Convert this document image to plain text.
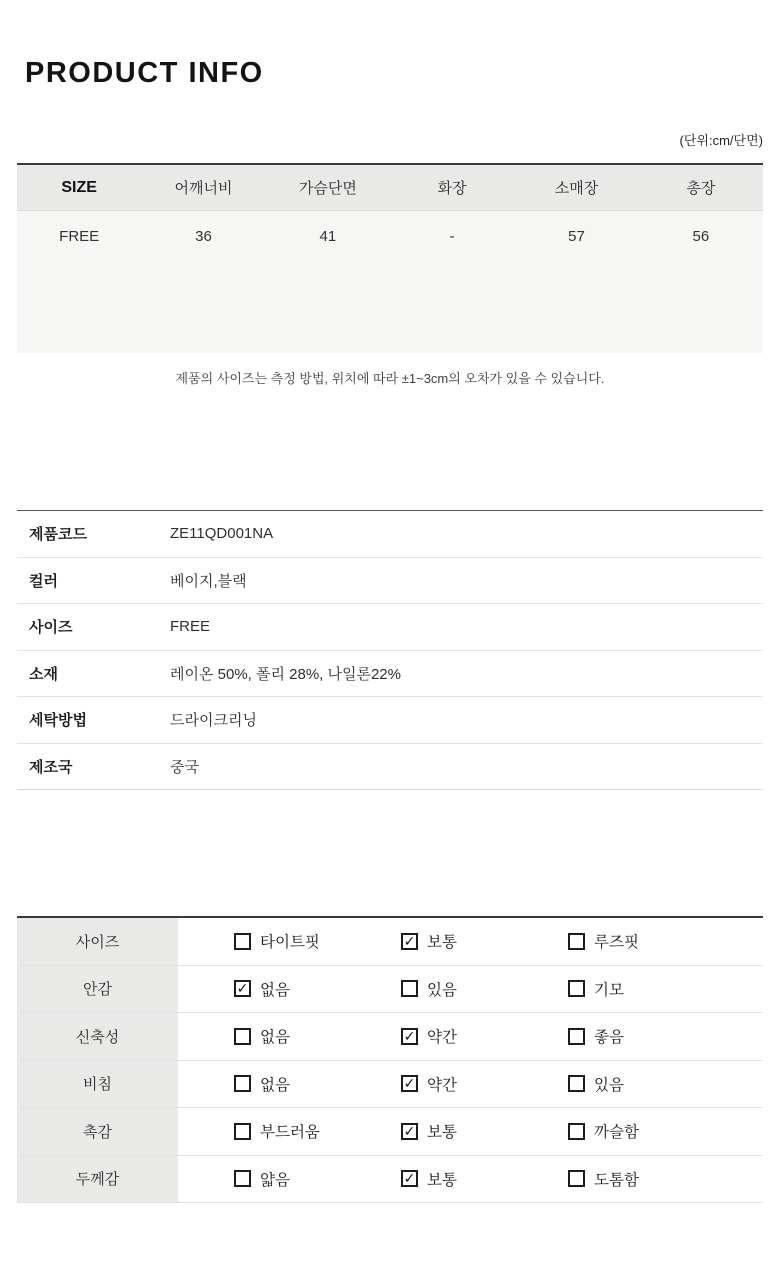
PRODUCT INFO
(단위:cm/단면)
SIZE	어깨너비	가슴단면	화장	소매장	총장
FREE	36	41	-	57	56
제품의 사이즈는 측정 방법, 위치에 따라 ±1~3cm의 오차가 있을 수 있습니다.
제품코드	ZE11QD001NA
컬러	베이지,블랙
사이즈	FREE
소재	레이온 50%, 폴리 28%, 나일론22%
세탁방법	드라이크리닝
제조국	중국
사이즈	타이트핏	✓ 보통	루즈핏
안감	✓ 없음	있음	기모
신축성	없음	✓ 약간	좋음
비침	없음	✓ 약간	있음
촉감	부드러움	✓ 보통	까슬함
두께감	얇음	✓ 보통	도톰함
